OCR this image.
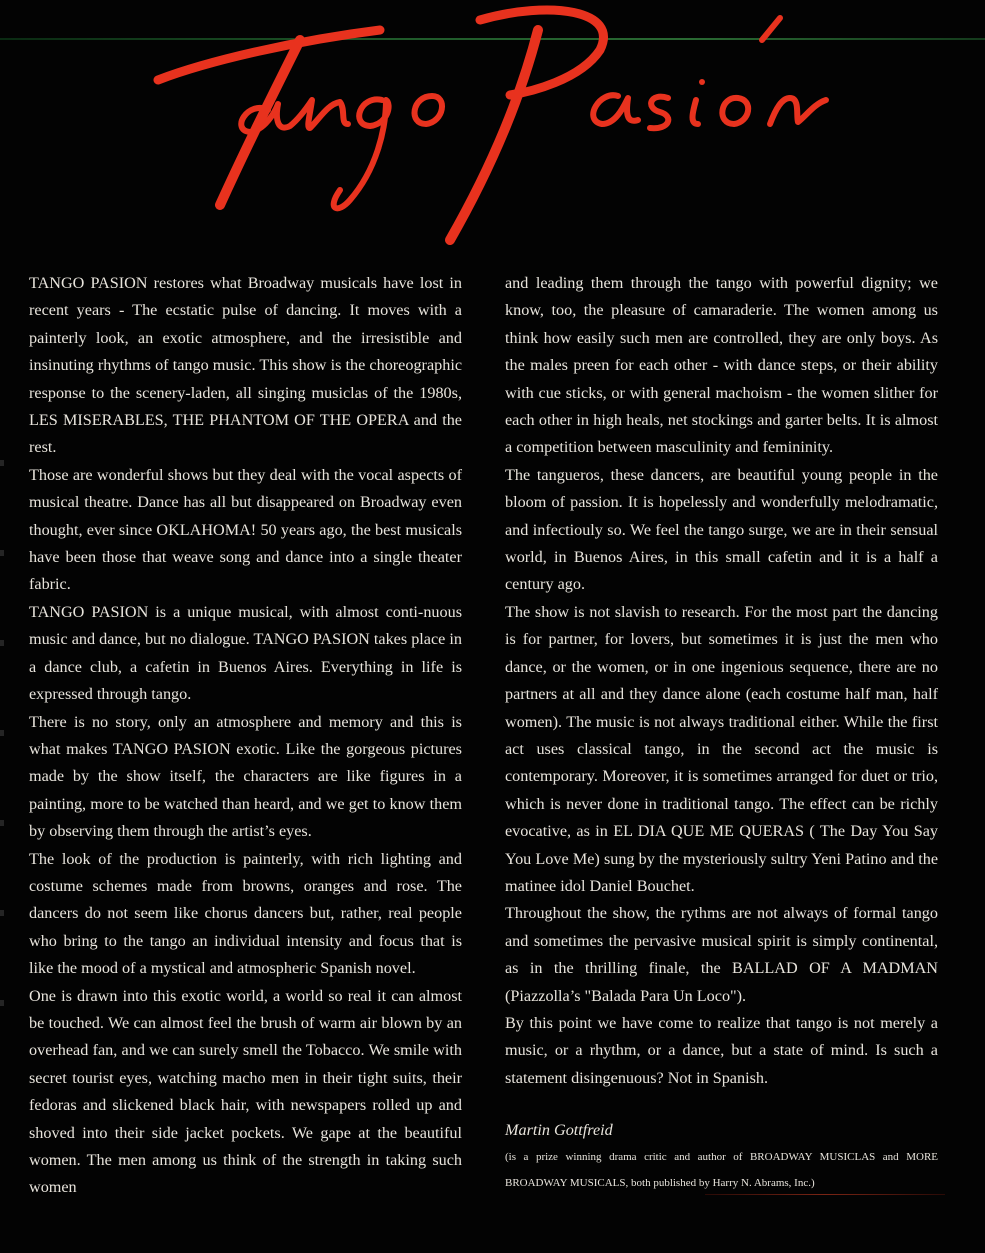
TANGO PASION restores what Broadway musicals have lost in recent years - The ecstatic pulse of dancing. It moves with a painterly look, an exotic atmosphere, and the irresistible and insinuting rhythms of tango music. This show is the choreographic response to the scenery-laden, all singing musiclas of the 1980s, LES MISERABLES, THE PHANTOM OF THE OPERA and the rest.

Those are wonderful shows but they deal with the vocal aspects of musical theatre. Dance has all but disappeared on Broadway even thought, ever since OKLAHOMA! 50 years ago, the best musicals have been those that weave song and dance into a single theater fabric.

TANGO PASION is a unique musical, with almost conti-nuous music and dance, but no dialogue. TANGO PASION takes place in a dance club, a cafetin in Buenos Aires. Everything in life is expressed through tango.

There is no story, only an atmosphere and memory and this is what makes TANGO PASION exotic. Like the gorgeous pictures made by the show itself, the characters are like figures in a painting, more to be watched than heard, and we get to know them by observing them through the artist’s eyes.

The look of the production is painterly, with rich lighting and costume schemes made from browns, oranges and rose. The dancers do not seem like chorus dancers but, rather, real people who bring to the tango an individual intensity and focus that is like the mood of a mystical and atmospheric Spanish novel.

One is drawn into this exotic world, a world so real it can almost be touched. We can almost feel the brush of warm air blown by an overhead fan, and we can surely smell the Tobacco. We smile with secret tourist eyes, watching macho men in their tight suits, their fedoras and slickened black hair, with newspapers rolled up and shoved into their side jacket pockets. We gape at the beautiful women. The men among us think of the strength in taking such women

and leading them through the tango with powerful dignity; we know, too, the pleasure of camaraderie. The women among us think how easily such men are controlled, they are only boys. As the males preen for each other - with dance steps, or their ability with cue sticks, or with general machoism - the women slither for each other in high heals, net stockings and garter belts. It is almost a competition between masculinity and femininity.

The tangueros, these dancers, are beautiful young people in the bloom of passion. It is hopelessly and wonderfully melodramatic, and infectiouly so. We feel the tango surge, we are in their sensual world, in Buenos Aires, in this small cafetin and it is a half a century ago.

The show is not slavish to research. For the most part the dancing is for partner, for lovers, but sometimes it is just the men who dance, or the women, or in one ingenious sequence, there are no partners at all and they dance alone (each costume half man, half women). The music is not always traditional either. While the first act uses classical tango, in the second act the music is contemporary. Moreover, it is sometimes arranged for duet or trio, which is never done in traditional tango. The effect can be richly evocative, as in EL DIA QUE ME QUERAS ( The Day You Say You Love Me) sung by the mysteriously sultry Yeni Patino and the matinee idol Daniel Bouchet.

Throughout the show, the rythms are not always of formal tango and sometimes the pervasive musical spirit is simply continental, as in the thrilling finale, the BALLAD OF A MADMAN (Piazzolla’s "Balada Para Un Loco").

By this point we have come to realize that tango is not merely a music, or a rhythm, or a dance, but a state of mind. Is such a statement disingenuous? Not in Spanish.

Martin Gottfreid
(is a prize winning drama critic and author of BROADWAY MUSICLAS and MORE BROADWAY MUSICALS, both published by Harry N. Abrams, Inc.)
